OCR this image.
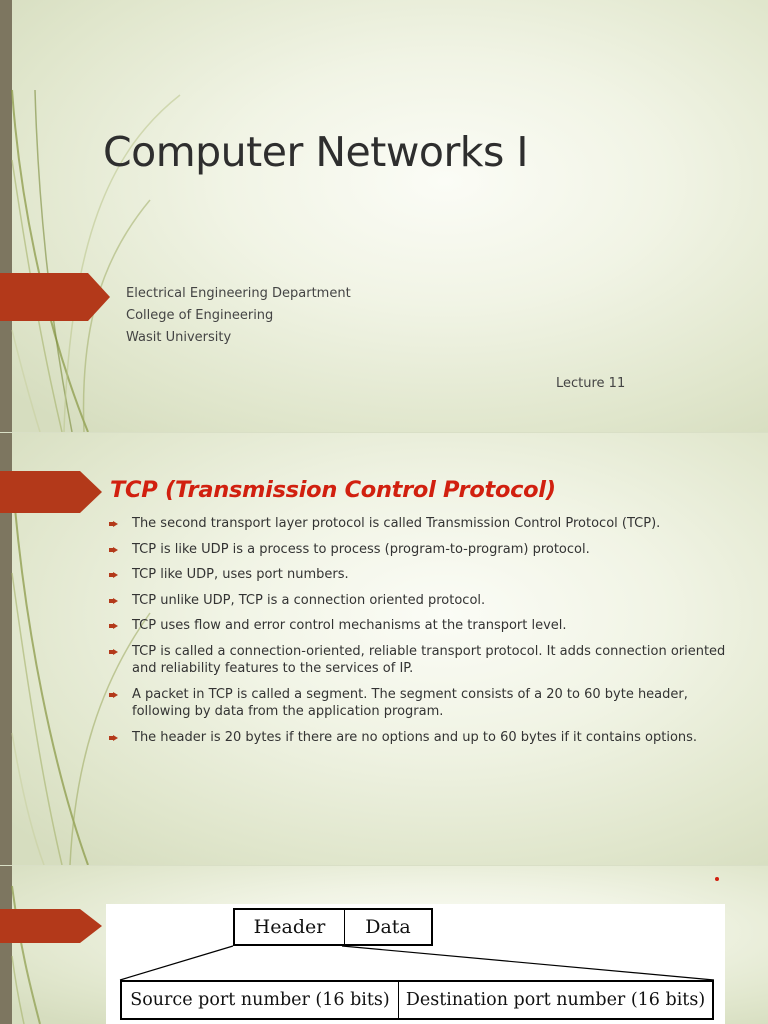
Computer Networks I

Electrical Engineering Department

College of Engineering

Wasit University

Lecture 11

TCP (Transmission Control Protocol)
The second transport layer protocol is called Transmission Control Protocol (TCP).
TCP is like UDP is a process to process (program-to-program) protocol.
TCP like UDP, uses port numbers.
TCP unlike UDP, TCP is a connection oriented protocol.
TCP uses flow and error control mechanisms at the transport level.
TCP is called a connection-oriented, reliable transport protocol. It adds connection oriented and reliability features to the services of IP.
A packet in TCP is called a segment. The segment consists of a 20 to 60 byte header, following by data from the application program.
The header is 20 bytes if there are no options and up to 60 bytes if it contains options.
Header	Data
Source port number (16 bits) Destination port number (16 bits)
